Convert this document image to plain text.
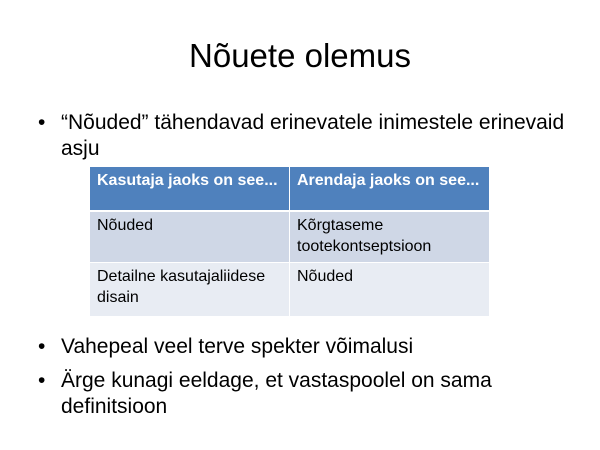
Nõuete olemus
• “Nõuded” tähendavad erinevatele inimestele erinevaid asju
Kasutaja jaoks on see...	Arendaja jaoks on see...
Nõuded	Kõrgtaseme tootekontseptsioon
Detailne kasutajaliidese disain	Nõuded
• Vahepeal veel terve spekter võimalusi
• Ärge kunagi eeldage, et vastaspoolel on sama definitsioon
